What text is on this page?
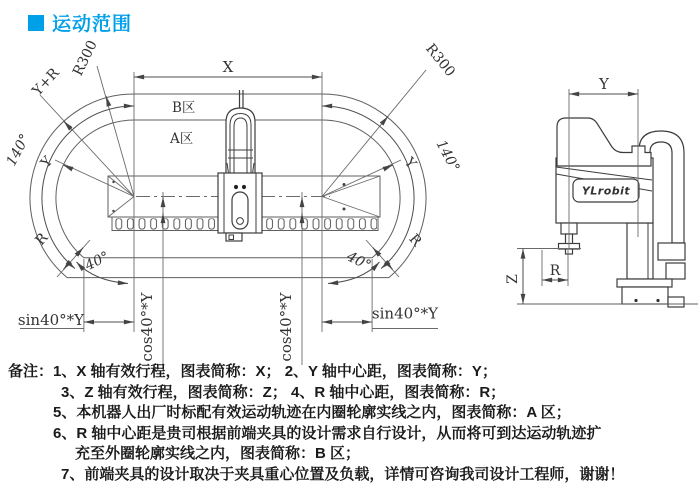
运动范围
X
R300	R300
Y+R
Y	Y
R	R
140°	140°
40°	40°
sin40°*Y	sin40°*Y
cos40°*Y	cos40°*Y
B区
A区
YLrobit
Y
R
Z
备注： 1、X 轴有效行程，图表简称：X； 2、Y 轴中心距，图表简称：Y；
3、Z 轴有效行程，图表简称：Z； 4、R 轴中心距，图表简称：R；
5、本机器人出厂时标配有效运动轨迹在内圈轮廓实线之内，图表简称：A 区；
6、R 轴中心距是贵司根据前端夹具的设计需求自行设计，从而将可到达运动轨迹扩
充至外圈轮廓实线之内，图表简称：B 区；
7、前端夹具的设计取决于夹具重心位置及负载，详情可咨询我司设计工程师，谢谢！
